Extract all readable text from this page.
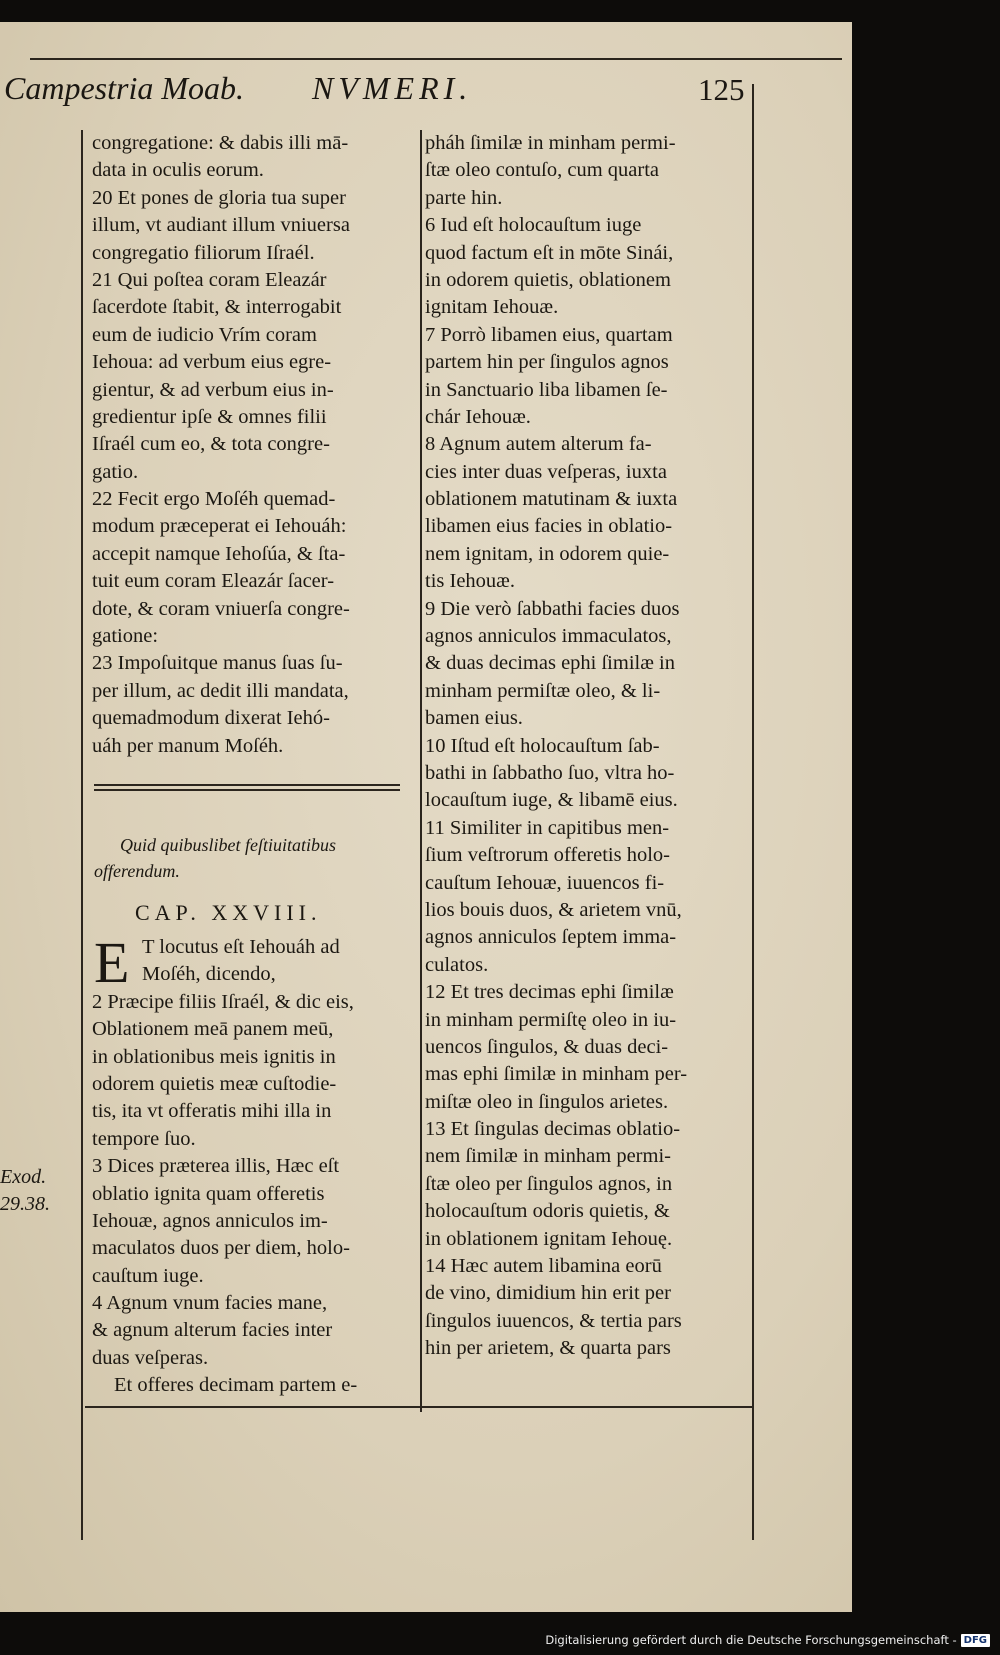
Campestria Moab. NVMERI.	125
congregatione: & dabis illi mā-
data in oculis eorum.
20 Et pones de gloria tua super
illum, vt audiant illum vniuersa
congregatio filiorum Iſraél.
21 Qui poſtea coram Eleazár
ſacerdote ſtabit, & interrogabit
eum de iudicio Vrím coram
Iehoua: ad verbum eius egre-
gientur, & ad verbum eius in-
gredientur ipſe & omnes filii
Iſraél cum eo, & tota congre-
gatio.
22 Fecit ergo Moſéh quemad-
modum præceperat ei Iehouáh:
accepit namque Iehoſúa, & ſta-
tuit eum coram Eleazár ſacer-
dote, & coram vniuerſa congre-
gatione:
23 Impoſuitque manus ſuas ſu-
per illum, ac dedit illi mandata,
quemadmodum dixerat Iehó-
uáh per manum Moſéh.
Quid quibuslibet feſtiuitatibus
offerendum.
CAP. XXVIII.
E T locutus eſt Iehouáh ad
Moſéh, dicendo,
2 Præcipe filiis Iſraél, & dic eis,
Oblationem meā panem meū,
in oblationibus meis ignitis in
odorem quietis meæ cuſtodie-
tis, ita vt offeratis mihi illa in
tempore ſuo.
3 Dices præterea illis, Hæc eſt
oblatio ignita quam offeretis
Iehouæ, agnos anniculos im-
maculatos duos per diem, holo-
cauſtum iuge.
4 Agnum vnum facies mane,
& agnum alterum facies inter
duas veſperas.
Et offeres decimam partem e-
Exod.
29.38.
pháh ſimilæ in minham permi-
ſtæ oleo contuſo, cum quarta
parte hin.
6 Iud eſt holocauſtum iuge
quod factum eſt in mōte Sinái,
in odorem quietis, oblationem
ignitam Iehouæ.
7 Porrò libamen eius, quartam
partem hin per ſingulos agnos
in Sanctuario liba libamen ſe-
chár Iehouæ.
8 Agnum autem alterum fa-
cies inter duas veſperas, iuxta
oblationem matutinam & iuxta
libamen eius facies in oblatio-
nem ignitam, in odorem quie-
tis Iehouæ.
9 Die verò ſabbathi facies duos
agnos anniculos immaculatos,
& duas decimas ephi ſimilæ in
minham permiſtæ oleo, & li-
bamen eius.
10 Iſtud eſt holocauſtum ſab-
bathi in ſabbatho ſuo, vltra ho-
locauſtum iuge, & libamē eius.
11 Similiter in capitibus men-
ſium veſtrorum offeretis holo-
cauſtum Iehouæ, iuuencos fi-
lios bouis duos, & arietem vnū,
agnos anniculos ſeptem imma-
culatos.
12 Et tres decimas ephi ſimilæ
in minham permiſtę oleo in iu-
uencos ſingulos, & duas deci-
mas ephi ſimilæ in minham per-
miſtæ oleo in ſingulos arietes.
13 Et ſingulas decimas oblatio-
nem ſimilæ in minham permi-
ſtæ oleo per ſingulos agnos, in
holocauſtum odoris quietis, &
in oblationem ignitam Iehouę.
14 Hæc autem libamina eorū
de vino, dimidium hin erit per
ſingulos iuuencos, & tertia pars
hin per arietem, & quarta pars
Digitalisierung gefördert durch die Deutsche Forschungsgemeinschaft - DFG
